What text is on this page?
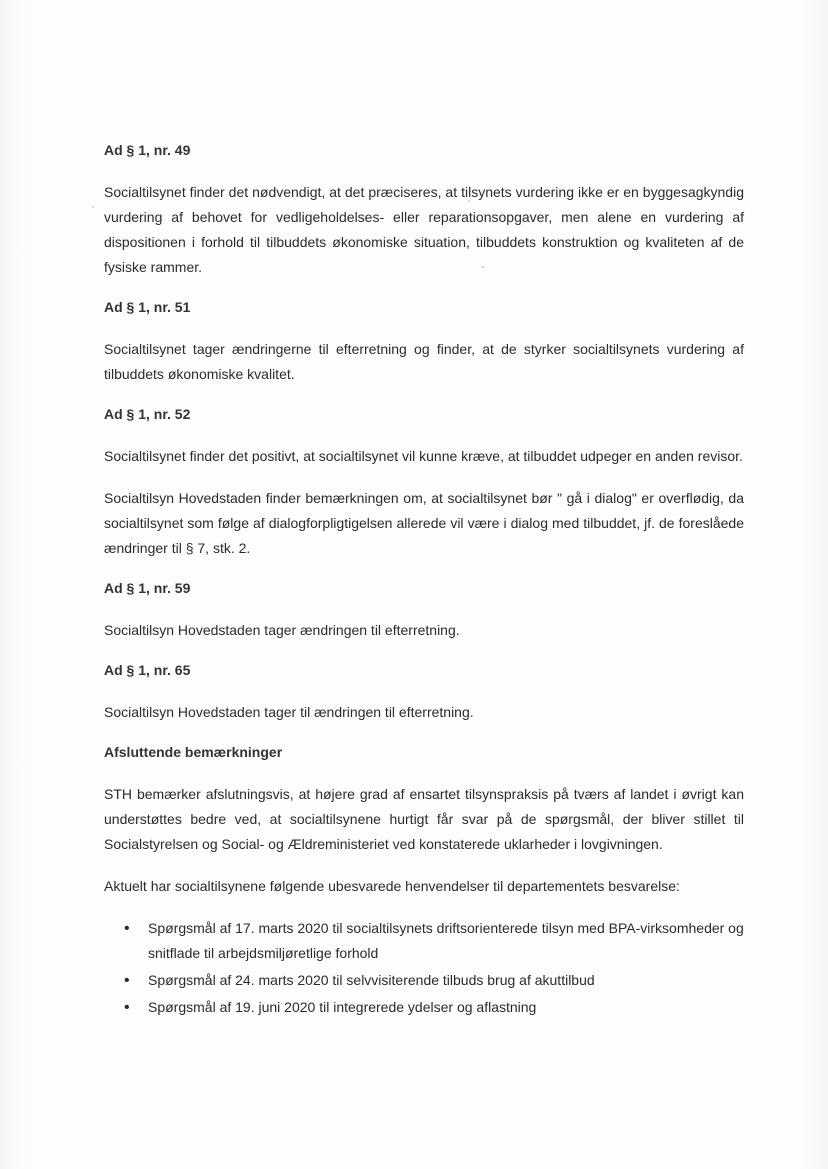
Ad § 1, nr. 49
Socialtilsynet finder det nødvendigt, at det præciseres, at tilsynets vurdering ikke er en byggesagkyndig vurdering af behovet for vedligeholdelses- eller reparationsopgaver, men alene en vurdering af dispositionen i forhold til tilbuddets økonomiske situation, tilbuddets konstruktion og kvaliteten af de fysiske rammer.
Ad § 1, nr. 51
Socialtilsynet tager ændringerne til efterretning og finder, at de styrker socialtilsynets vurdering af tilbuddets økonomiske kvalitet.
Ad § 1, nr. 52
Socialtilsynet finder det positivt, at socialtilsynet vil kunne kræve, at tilbuddet udpeger en anden revisor.
Socialtilsyn Hovedstaden finder bemærkningen om, at socialtilsynet bør " gå i dialog" er overflødig, da socialtilsynet som følge af dialogforpligtigelsen allerede vil være i dialog med tilbuddet, jf. de foreslåede ændringer til § 7, stk. 2.
Ad § 1, nr. 59
Socialtilsyn Hovedstaden tager ændringen til efterretning.
Ad § 1, nr. 65
Socialtilsyn Hovedstaden tager til ændringen til efterretning.
Afsluttende bemærkninger
STH bemærker afslutningsvis, at højere grad af ensartet tilsynspraksis på tværs af landet i øvrigt kan understøttes bedre ved, at socialtilsynene hurtigt får svar på de spørgsmål, der bliver stillet til Socialstyrelsen og Social- og Ældreministeriet ved konstaterede uklarheder i lovgivningen.
Aktuelt har socialtilsynene følgende ubesvarede henvendelser til departementets besvarelse:
• Spørgsmål af 17. marts 2020 til socialtilsynets driftsorienterede tilsyn med BPA-virksomheder og snitflade til arbejdsmiljøretlige forhold
• Spørgsmål af 24. marts 2020 til selvvisiterende tilbuds brug af akuttilbud
• Spørgsmål af 19. juni 2020 til integrerede ydelser og aflastning
